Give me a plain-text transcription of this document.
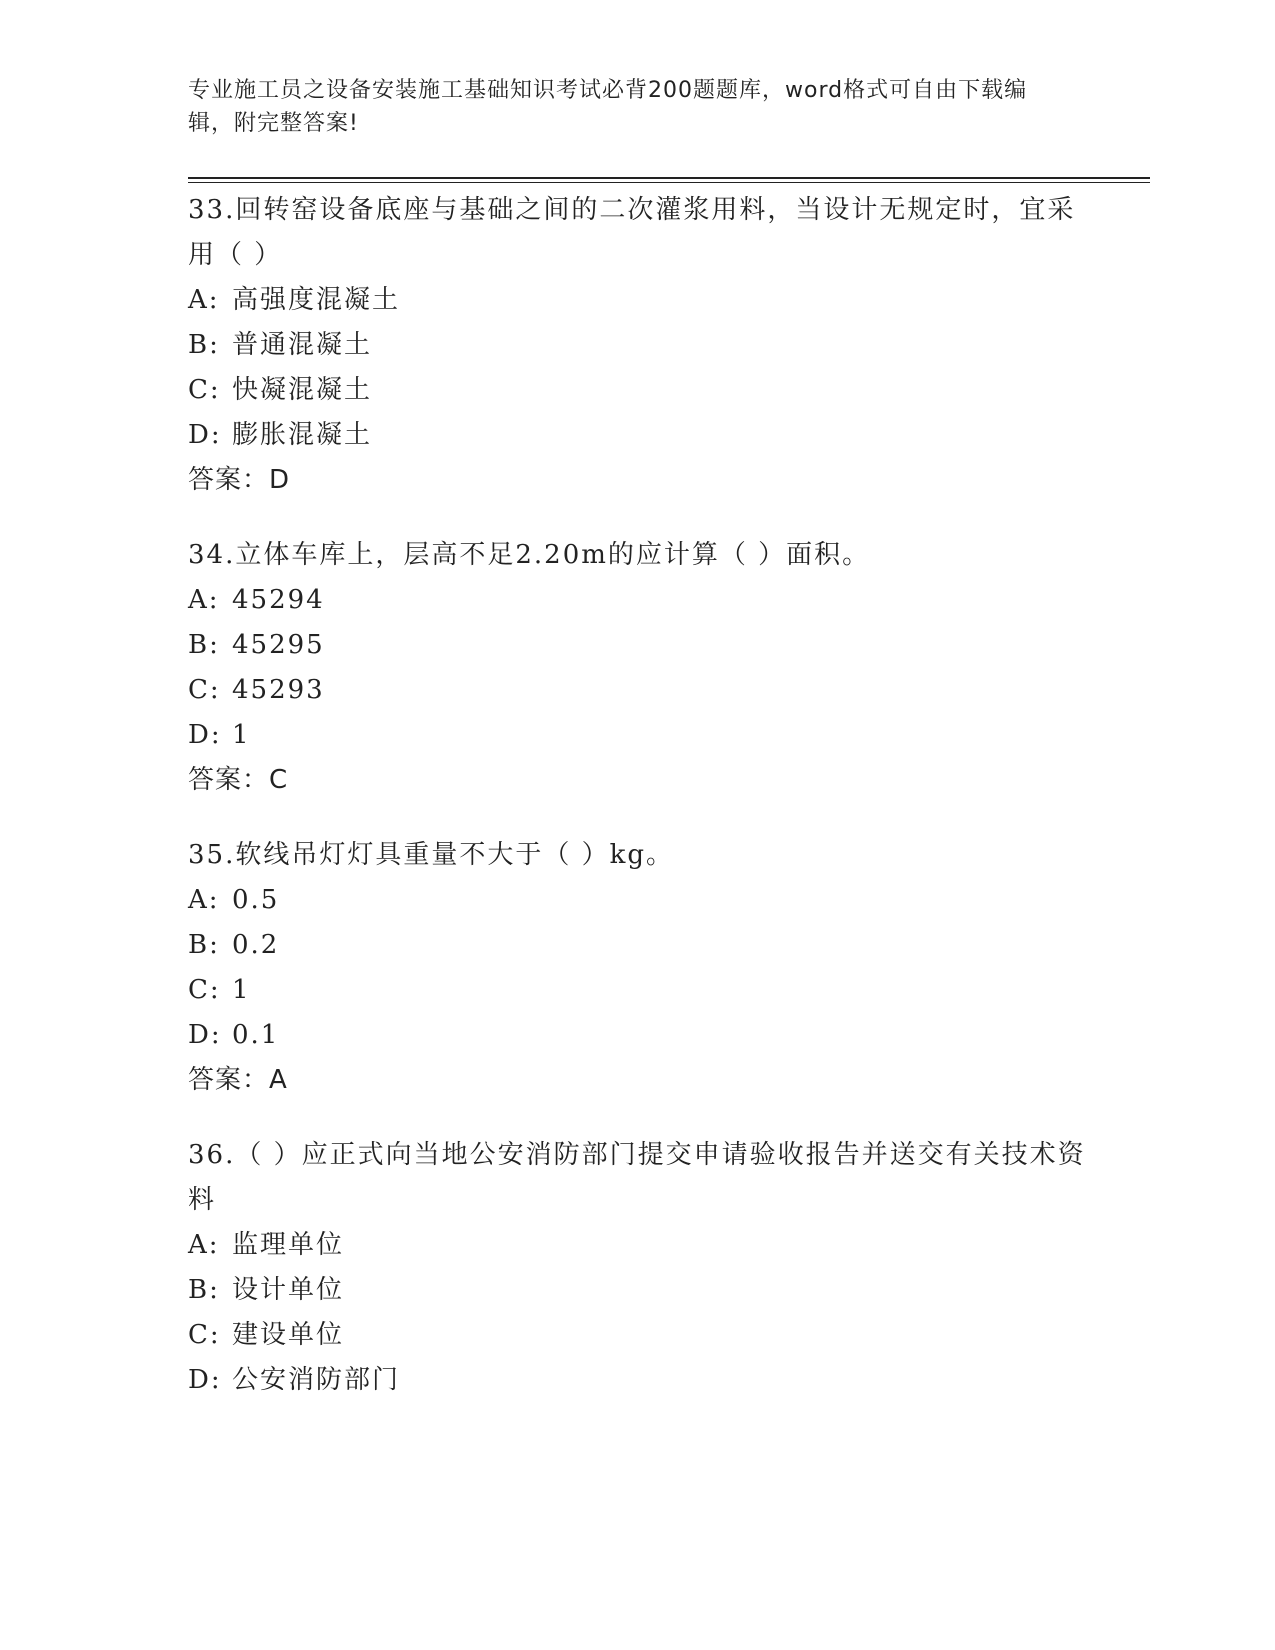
专业施工员之设备安装施工基础知识考试必背200题题库，word格式可自由下载编辑，附完整答案!

33.回转窑设备底座与基础之间的二次灌浆用料，当设计无规定时，宜采用（ ）

A: 高强度混凝土

B: 普通混凝土

C: 快凝混凝土

D: 膨胀混凝土

答案：D

34.立体车库上，层高不足2.20m的应计算（ ）面积。

A: 45294

B: 45295

C: 45293

D: 1

答案：C

35.软线吊灯灯具重量不大于（ ）kg。

A: 0.5

B: 0.2

C: 1

D: 0.1

答案：A

36.（ ）应正式向当地公安消防部门提交申请验收报告并送交有关技术资料

A: 监理单位

B: 设计单位

C: 建设单位

D: 公安消防部门
